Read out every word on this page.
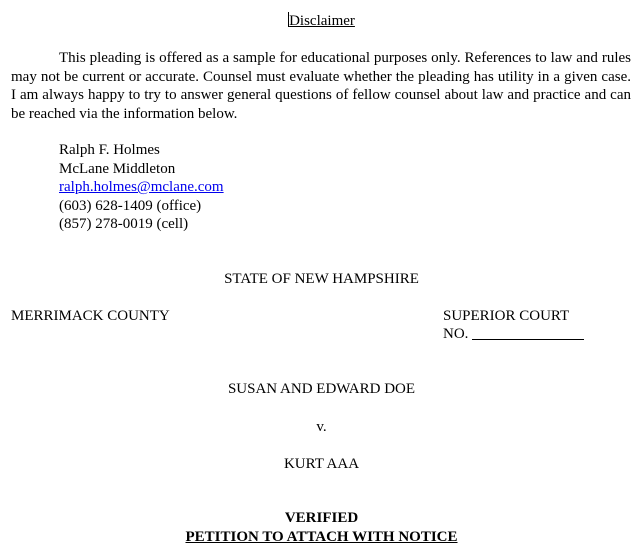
Disclaimer

This pleading is offered as a sample for educational purposes only. References to law and rules may not be current or accurate. Counsel must evaluate whether the pleading has utility in a given case. I am always happy to try to answer general questions of fellow counsel about law and practice and can be reached via the information below.

Ralph F. Holmes
McLane Middleton
ralph.holmes@mclane.com
(603) 628-1409 (office)
(857) 278-0019 (cell)
STATE OF NEW HAMPSHIRE
MERRIMACK COUNTY	SUPERIOR COURT
NO.
SUSAN AND EDWARD DOE
v.
KURT AAA
VERIFIED
PETITION TO ATTACH WITH NOTICE
